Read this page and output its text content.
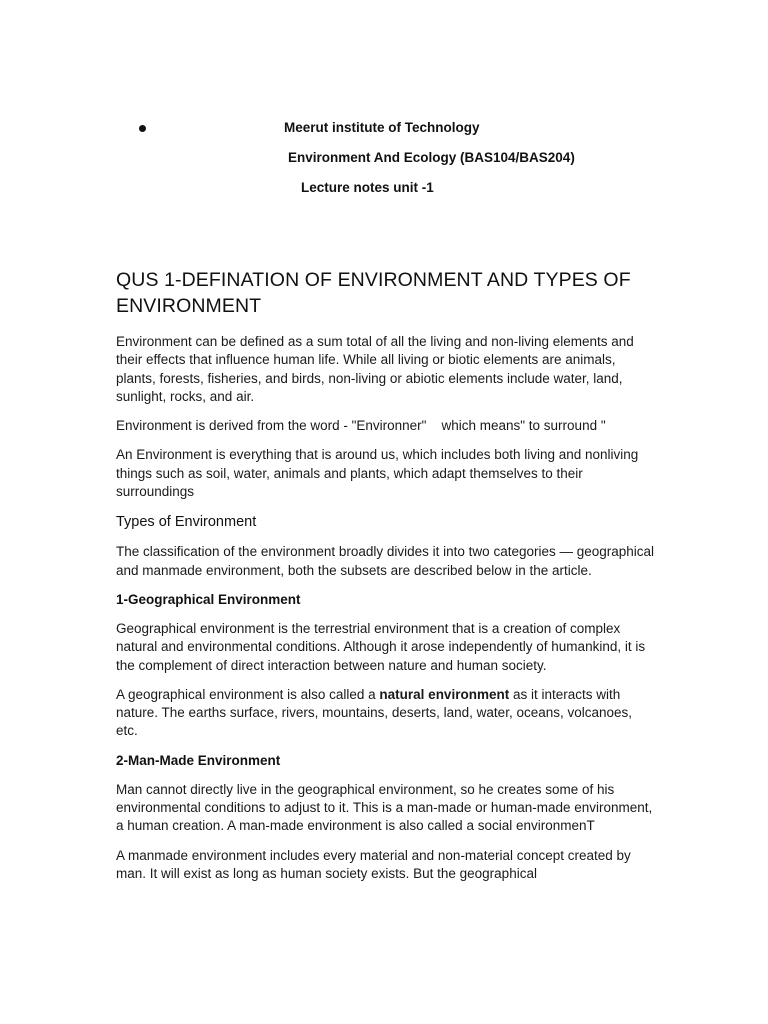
Meerut institute of Technology
Environment And Ecology (BAS104/BAS204)
Lecture notes unit -1
QUS 1-DEFINATION OF ENVIRONMENT AND TYPES OF ENVIRONMENT

Environment can be defined as a sum total of all the living and non-living elements and their effects that influence human life. While all living or biotic elements are animals, plants, forests, fisheries, and birds, non-living or abiotic elements include water, land, sunlight, rocks, and air.

Environment is derived from the word - "Environner"    which means" to surround "

An Environment is everything that is around us, which includes both living and nonliving things such as soil, water, animals and plants, which adapt themselves to their surroundings

Types of Environment

The classification of the environment broadly divides it into two categories — geographical and manmade environment, both the subsets are described below in the article.

1-Geographical Environment

Geographical environment is the terrestrial environment that is a creation of complex natural and environmental conditions. Although it arose independently of humankind, it is the complement of direct interaction between nature and human society.

A geographical environment is also called a natural environment as it interacts with nature. The earths surface, rivers, mountains, deserts, land, water, oceans, volcanoes, etc.

2-Man-Made Environment

Man cannot directly live in the geographical environment, so he creates some of his environmental conditions to adjust to it. This is a man-made or human-made environment, a human creation. A man-made environment is also called a social environmenT

A manmade environment includes every material and non-material concept created by man. It will exist as long as human society exists. But the geographical
